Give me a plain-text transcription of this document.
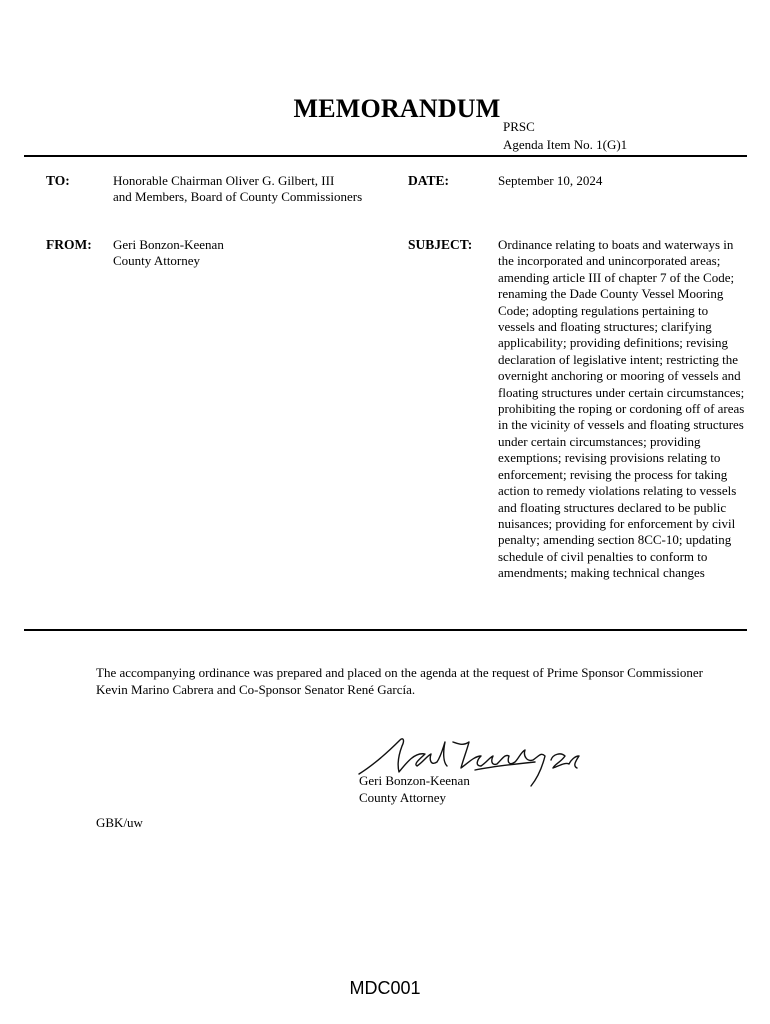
MEMORANDUM
PRSC
Agenda Item No. 1(G)1
TO:	Honorable Chairman Oliver G. Gilbert, III
and Members, Board of County Commissioners
DATE:	September 10, 2024
FROM: Geri Bonzon-Keenan
County Attorney
SUBJECT: Ordinance relating to boats and waterways in the incorporated and unincorporated areas; amending article III of chapter 7 of the Code; renaming the Dade County Vessel Mooring Code; adopting regulations pertaining to vessels and floating structures; clarifying applicability; providing definitions; revising declaration of legislative intent; restricting the overnight anchoring or mooring of vessels and floating structures under certain circumstances; prohibiting the roping or cordoning off of areas in the vicinity of vessels and floating structures under certain circumstances; providing exemptions; revising provisions relating to enforcement; revising the process for taking action to remedy violations relating to vessels and floating structures declared to be public nuisances; providing for enforcement by civil penalty; amending section 8CC-10; updating schedule of civil penalties to conform to amendments; making technical changes
The accompanying ordinance was prepared and placed on the agenda at the request of Prime Sponsor Commissioner Kevin Marino Cabrera and Co-Sponsor Senator René García.
Geri Bonzon-Keenan
County Attorney
GBK/uw
MDC001
